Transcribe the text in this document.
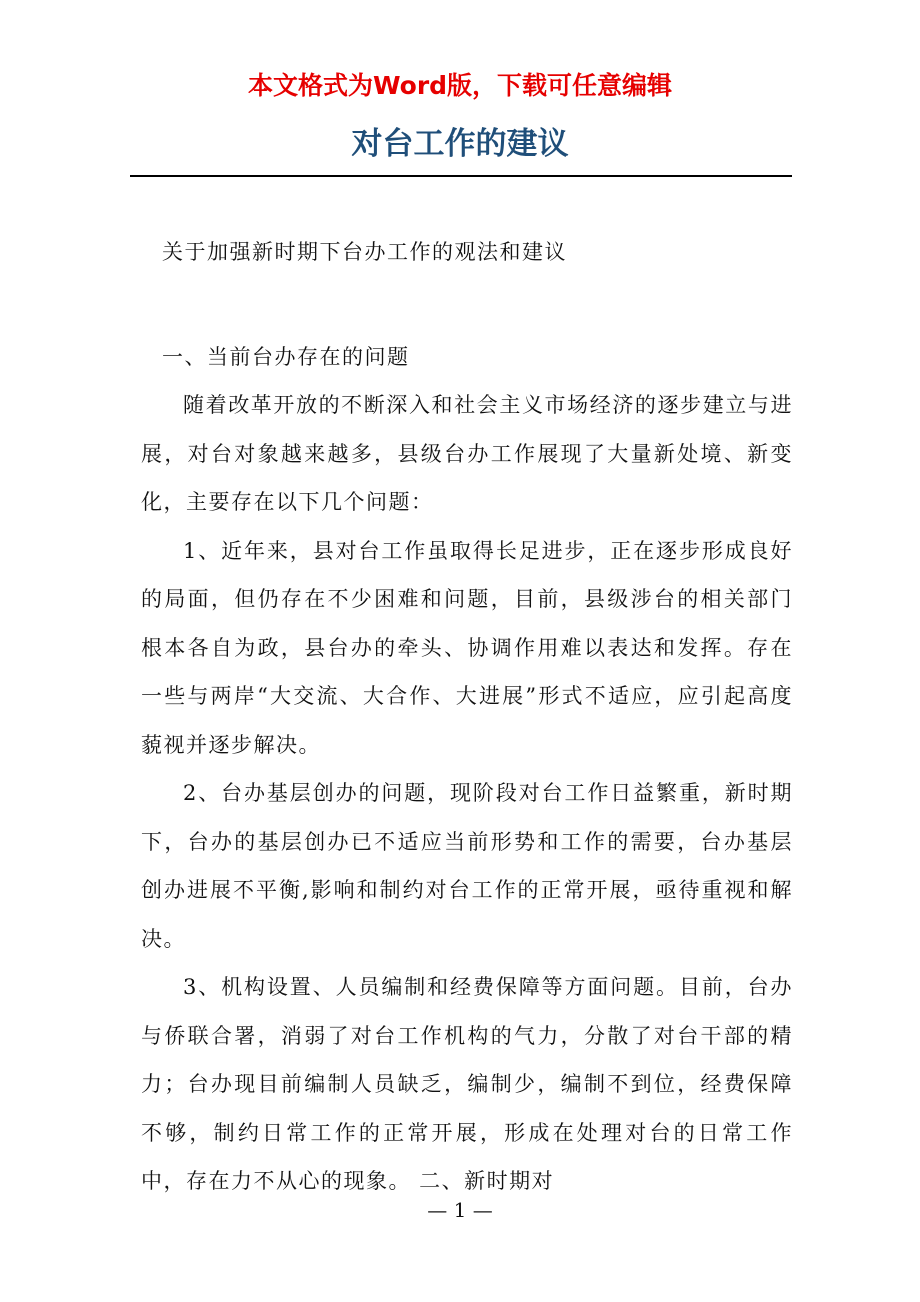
本文格式为Word版，下载可任意编辑
对台工作的建议

关于加强新时期下台办工作的观法和建议

一、当前台办存在的问题

随着改革开放的不断深入和社会主义市场经济的逐步建立与进展，对台对象越来越多，县级台办工作展现了大量新处境、新变化，主要存在以下几个问题：

1、近年来，县对台工作虽取得长足进步，正在逐步形成良好的局面，但仍存在不少困难和问题，目前，县级涉台的相关部门根本各自为政，县台办的牵头、协调作用难以表达和发挥。存在一些与两岸“大交流、大合作、大进展”形式不适应，应引起高度藐视并逐步解决。

2、台办基层创办的问题，现阶段对台工作日益繁重，新时期下，台办的基层创办已不适应当前形势和工作的需要，台办基层创办进展不平衡,影响和制约对台工作的正常开展，亟待重视和解决。

3、机构设置、人员编制和经费保障等方面问题。目前，台办与侨联合署，消弱了对台工作机构的气力，分散了对台干部的精力；台办现目前编制人员缺乏，编制少，编制不到位，经费保障不够，制约日常工作的正常开展，形成在处理对台的日常工作中，存在力不从心的现象。 二、新时期对

— 1 —
